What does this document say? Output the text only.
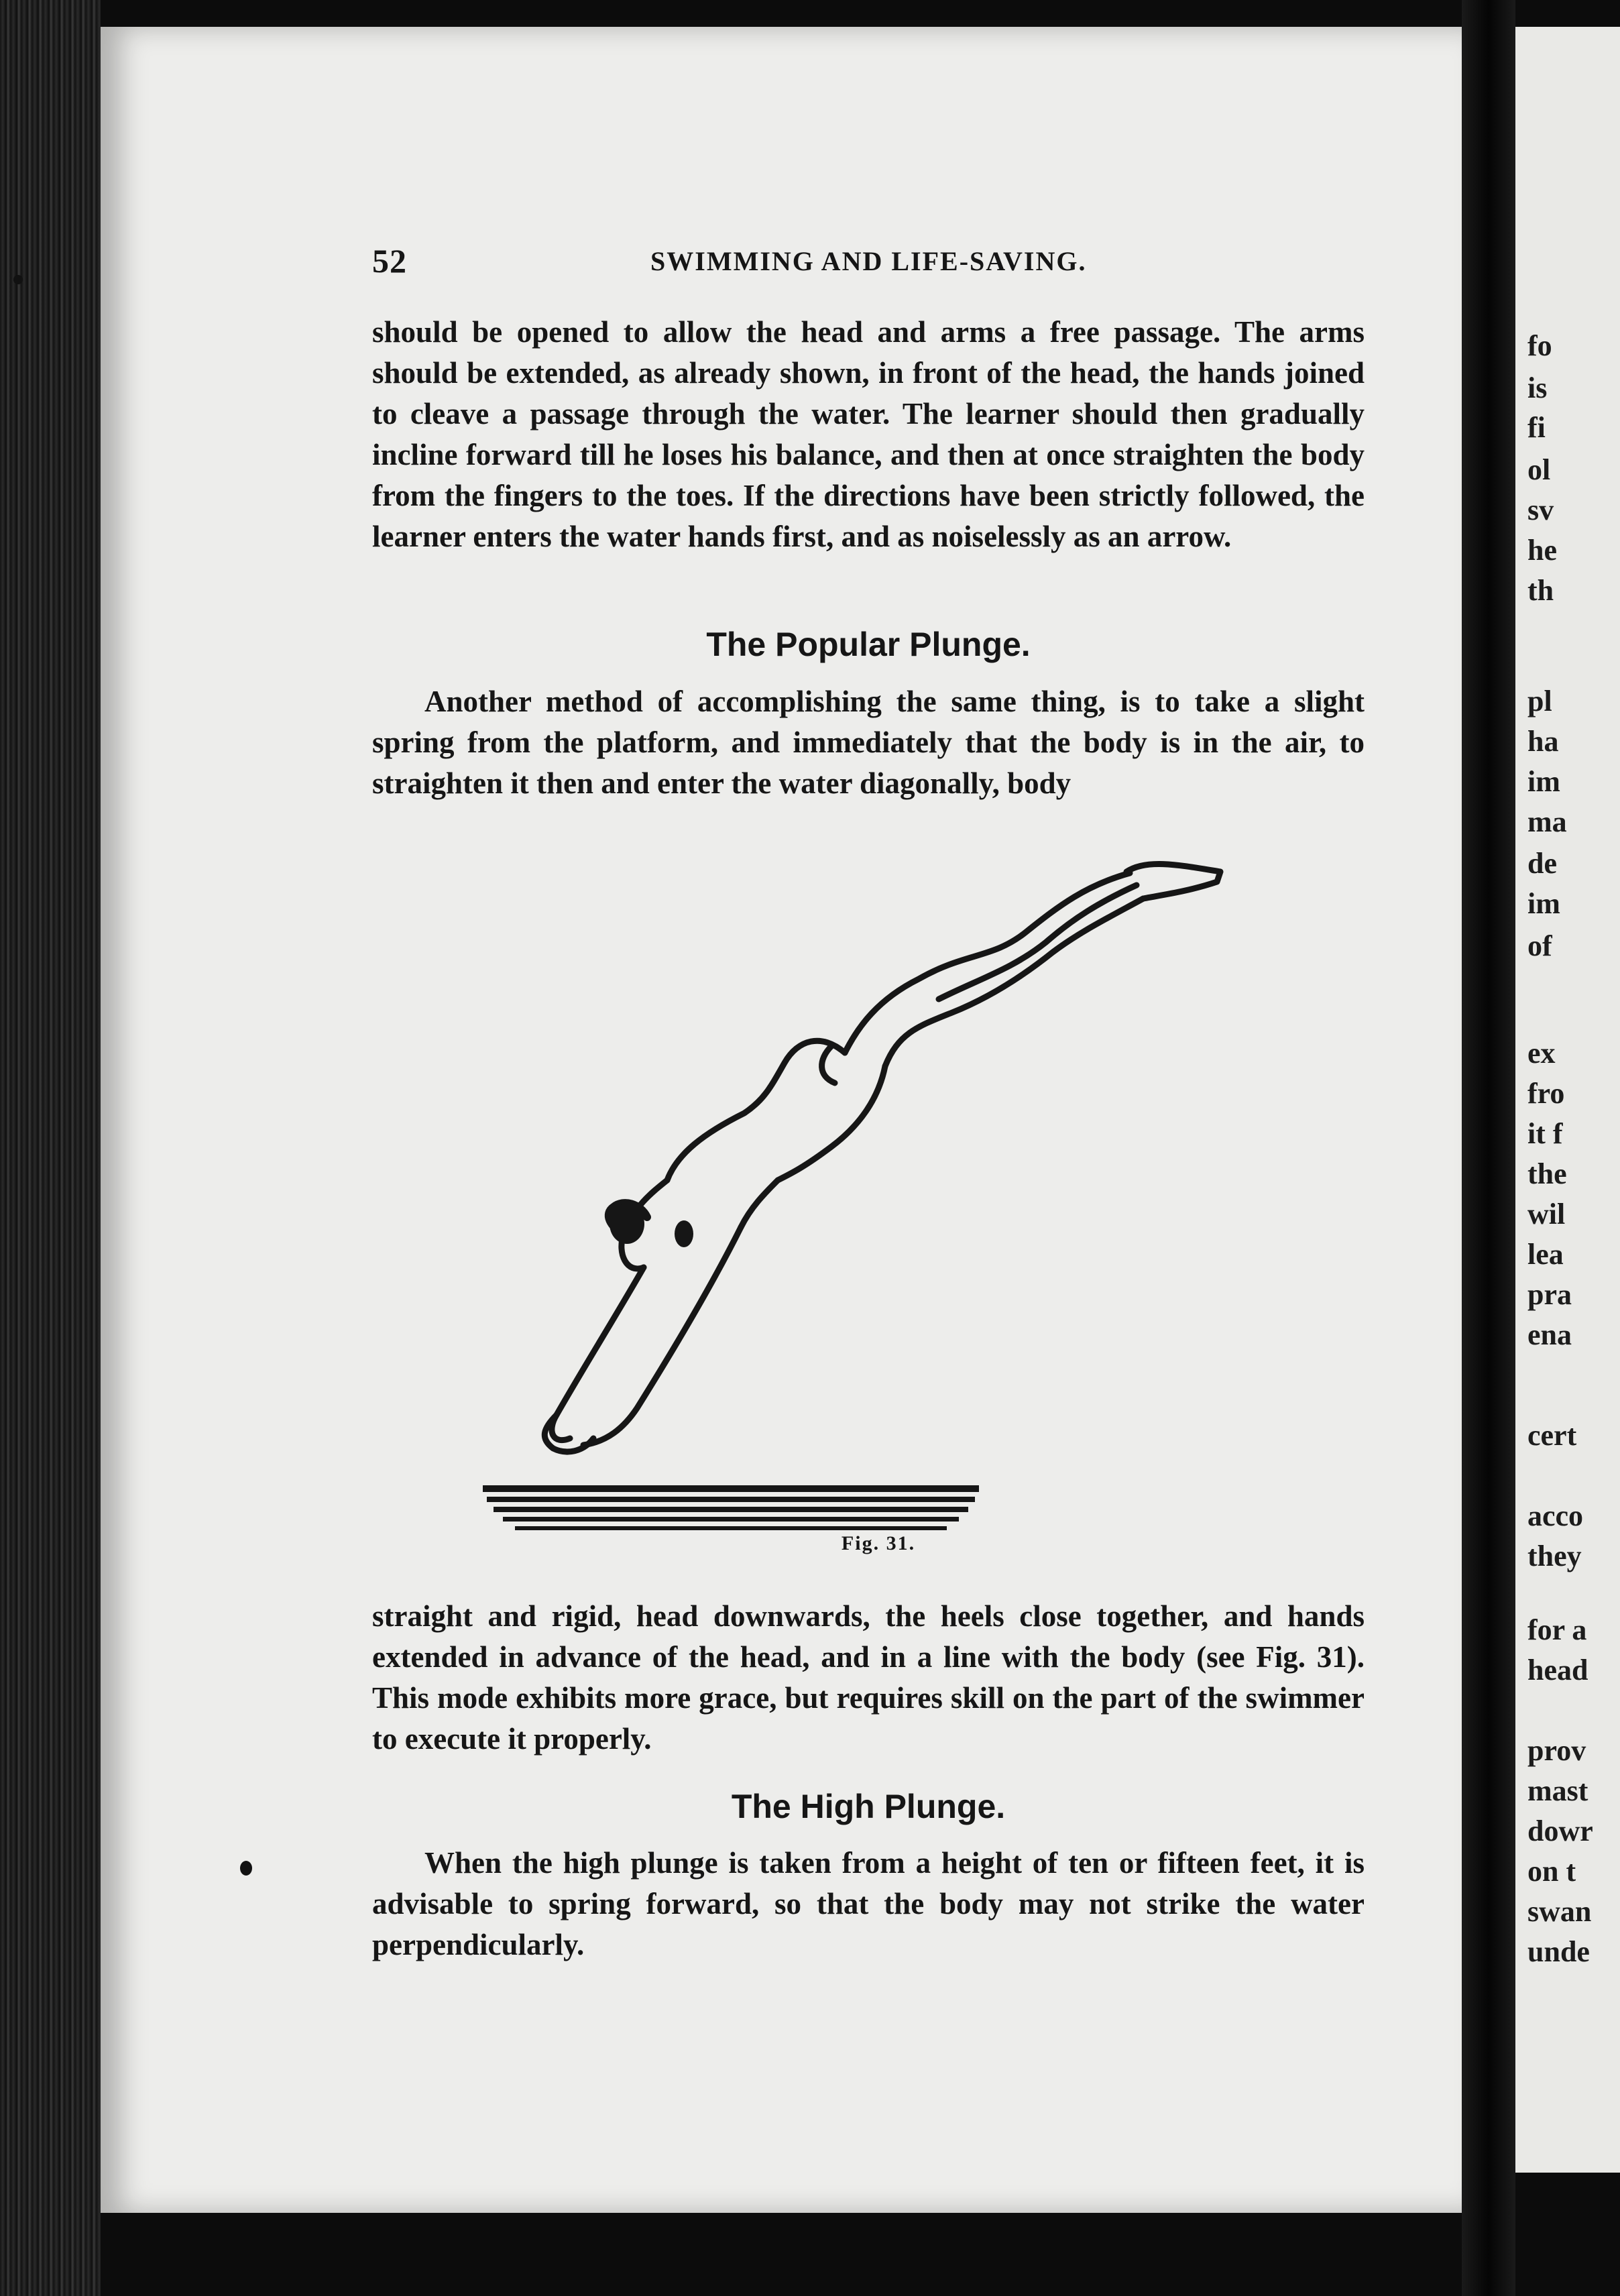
52	SWIMMING AND LIFE-SAVING.
should be opened to allow the head and arms a free passage. The arms should be extended, as already shown, in front of the head, the hands joined to cleave a passage through the water. The learner should then gradually incline forward till he loses his balance, and then at once straighten the body from the fingers to the toes. If the directions have been strictly followed, the learner enters the water hands first, and as noiselessly as an arrow.
The Popular Plunge.
Another method of accomplishing the same thing, is to take a slight spring from the platform, and immediately that the body is in the air, to straighten it then and enter the water diagonally, body
Fig. 31.
straight and rigid, head downwards, the heels close together, and hands extended in advance of the head, and in a line with the body (see Fig. 31). This mode exhibits more grace, but requires skill on the part of the swimmer to execute it properly.
The High Plunge.
When the high plunge is taken from a height of ten or fifteen feet, it is advisable to spring forward, so that the body may not strike the water perpendicularly.
fo
is
fi
ol
sv
he
th
pl
ha
im
ma
de
im
of
ex
fro
it f
the
wil
lea
pra
ena
cert
acco
they
for a
head
prov
mast
dowr
on t
swan
unde
